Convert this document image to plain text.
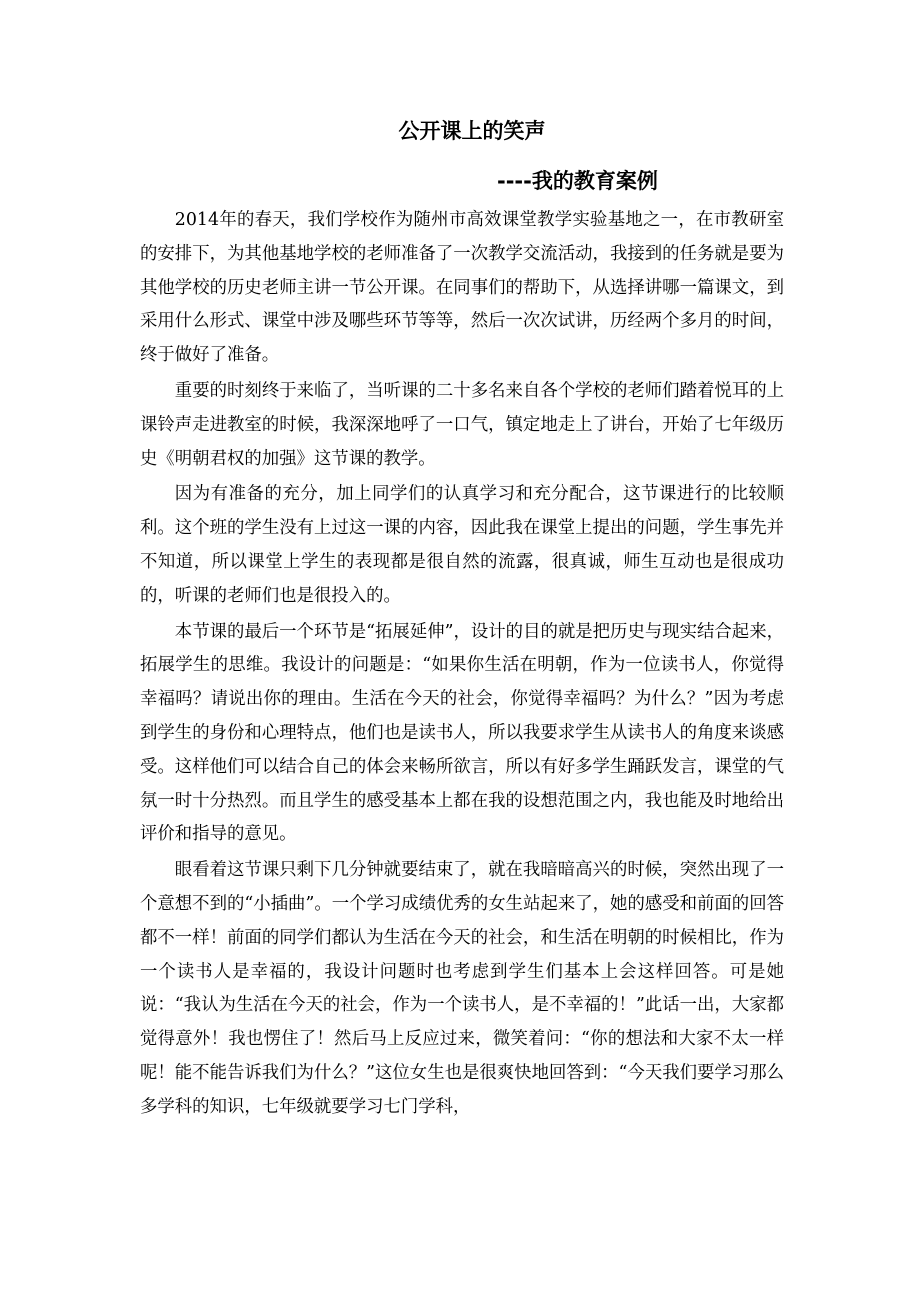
公开课上的笑声
----我的教育案例

2014年的春天，我们学校作为随州市高效课堂教学实验基地之一，在市教研室的安排下，为其他基地学校的老师准备了一次教学交流活动，我接到的任务就是要为其他学校的历史老师主讲一节公开课。在同事们的帮助下，从选择讲哪一篇课文，到采用什么形式、课堂中涉及哪些环节等等，然后一次次试讲，历经两个多月的时间，终于做好了准备。

重要的时刻终于来临了，当听课的二十多名来自各个学校的老师们踏着悦耳的上课铃声走进教室的时候，我深深地呼了一口气，镇定地走上了讲台，开始了七年级历史《明朝君权的加强》这节课的教学。

因为有准备的充分，加上同学们的认真学习和充分配合，这节课进行的比较顺利。这个班的学生没有上过这一课的内容，因此我在课堂上提出的问题，学生事先并不知道，所以课堂上学生的表现都是很自然的流露，很真诚，师生互动也是很成功的，听课的老师们也是很投入的。

本节课的最后一个环节是“拓展延伸”，设计的目的就是把历史与现实结合起来，拓展学生的思维。我设计的问题是：“如果你生活在明朝，作为一位读书人，你觉得幸福吗？请说出你的理由。生活在今天的社会，你觉得幸福吗？为什么？”因为考虑到学生的身份和心理特点，他们也是读书人，所以我要求学生从读书人的角度来谈感受。这样他们可以结合自己的体会来畅所欲言，所以有好多学生踊跃发言，课堂的气氛一时十分热烈。而且学生的感受基本上都在我的设想范围之内，我也能及时地给出评价和指导的意见。

眼看着这节课只剩下几分钟就要结束了，就在我暗暗高兴的时候，突然出现了一个意想不到的“小插曲”。一个学习成绩优秀的女生站起来了，她的感受和前面的回答都不一样！前面的同学们都认为生活在今天的社会，和生活在明朝的时候相比，作为一个读书人是幸福的，我设计问题时也考虑到学生们基本上会这样回答。可是她说：“我认为生活在今天的社会，作为一个读书人，是不幸福的！”此话一出，大家都觉得意外！我也愣住了！然后马上反应过来，微笑着问：“你的想法和大家不太一样呢！能不能告诉我们为什么？”这位女生也是很爽快地回答到：“今天我们要学习那么多学科的知识，七年级就要学习七门学科，
